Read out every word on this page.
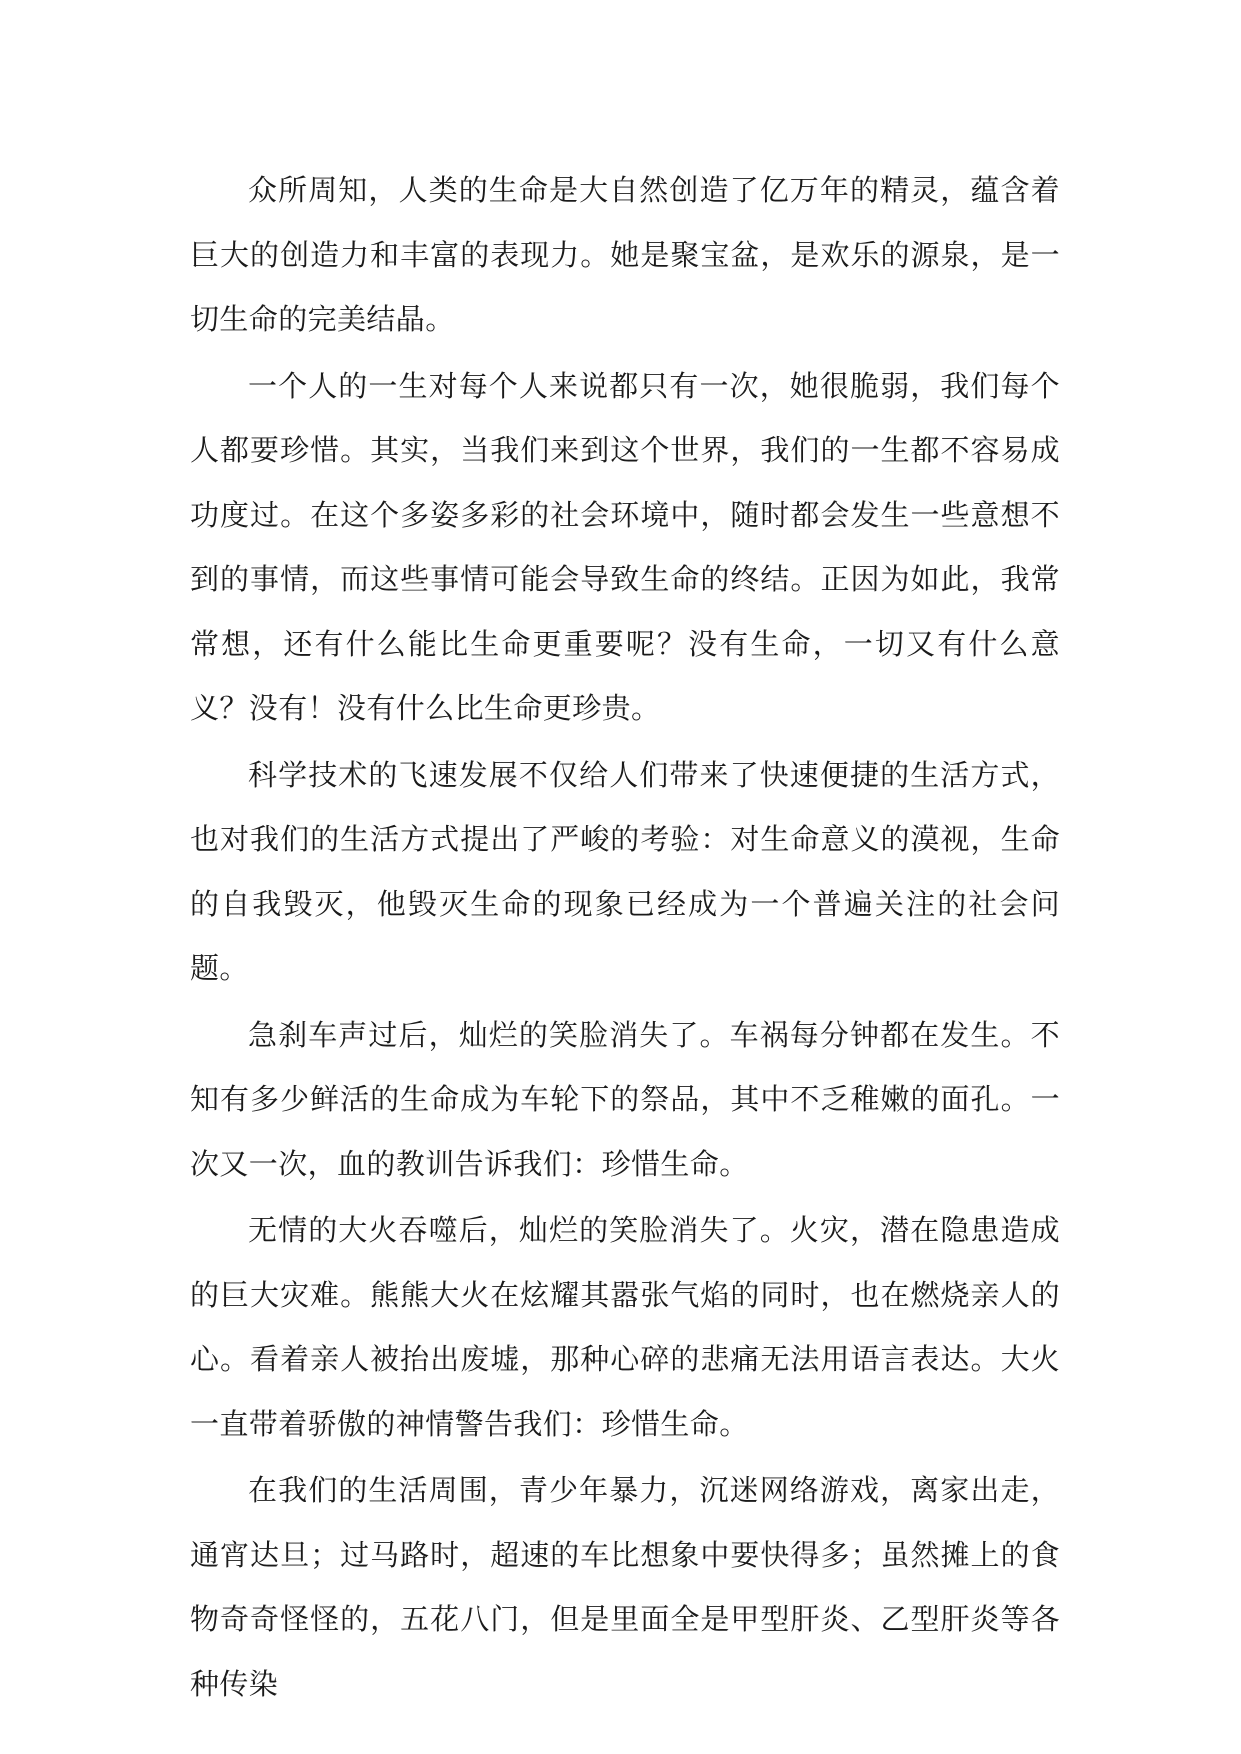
众所周知，人类的生命是大自然创造了亿万年的精灵，蕴含着巨大的创造力和丰富的表现力。她是聚宝盆，是欢乐的源泉，是一切生命的完美结晶。

一个人的一生对每个人来说都只有一次，她很脆弱，我们每个人都要珍惜。其实，当我们来到这个世界，我们的一生都不容易成功度过。在这个多姿多彩的社会环境中，随时都会发生一些意想不到的事情，而这些事情可能会导致生命的终结。正因为如此，我常常想，还有什么能比生命更重要呢？没有生命，一切又有什么意义？没有！没有什么比生命更珍贵。

科学技术的飞速发展不仅给人们带来了快速便捷的生活方式，也对我们的生活方式提出了严峻的考验：对生命意义的漠视，生命的自我毁灭，他毁灭生命的现象已经成为一个普遍关注的社会问题。

急刹车声过后，灿烂的笑脸消失了。车祸每分钟都在发生。不知有多少鲜活的生命成为车轮下的祭品，其中不乏稚嫩的面孔。一次又一次，血的教训告诉我们：珍惜生命。

无情的大火吞噬后，灿烂的笑脸消失了。火灾，潜在隐患造成的巨大灾难。熊熊大火在炫耀其嚣张气焰的同时，也在燃烧亲人的心。看着亲人被抬出废墟，那种心碎的悲痛无法用语言表达。大火一直带着骄傲的神情警告我们：珍惜生命。

在我们的生活周围，青少年暴力，沉迷网络游戏，离家出走，通宵达旦；过马路时，超速的车比想象中要快得多；虽然摊上的食物奇奇怪怪的，五花八门，但是里面全是甲型肝炎、乙型肝炎等各种传染
